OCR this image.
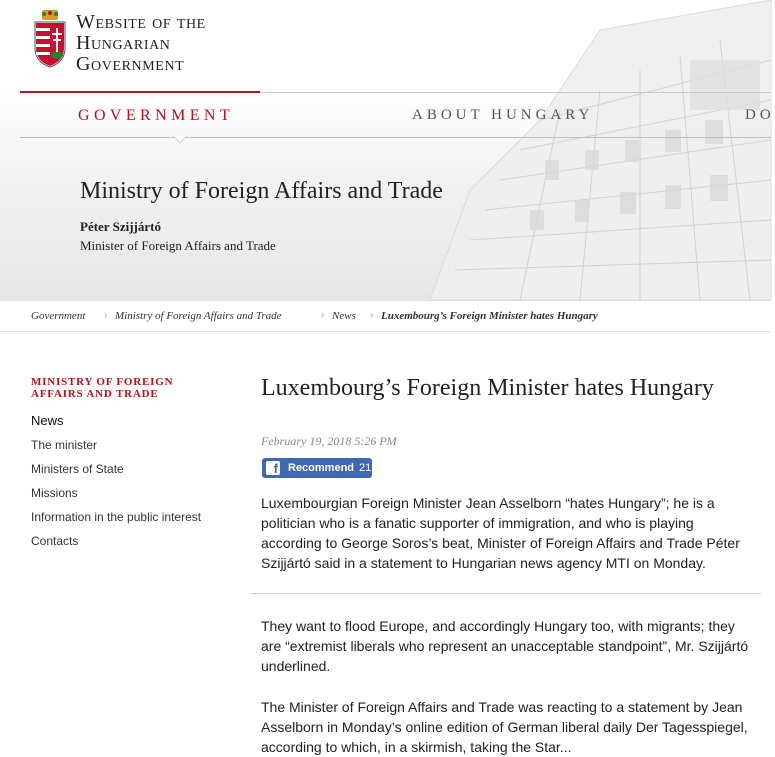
Website of the
Hungarian
Government
GOVERNMENT	ABOUT HUNGARY	DO
Ministry of Foreign Affairs and Trade
Péter Szijjártó
Minister of Foreign Affairs and Trade
Government › Ministry of Foreign Affairs and Trade	› News › Luxembourg’s Foreign Minister hates Hungary
MINISTRY OF FOREIGN AFFAIRS AND TRADE
News
The minister
Ministers of State
Missions
Information in the public interest
Contacts
Luxembourg’s Foreign Minister hates Hungary
February 19, 2018 5:26 PM
f Recommend 21
Luxembourgian Foreign Minister Jean Asselborn “hates Hungary”; he is a politician who is a fanatic supporter of immigration, and who is playing according to George Soros’s beat, Minister of Foreign Affairs and Trade Péter Szijjártó said in a statement to Hungarian news agency MTI on Monday.
They want to flood Europe, and accordingly Hungary too, with migrants; they are “extremist liberals who represent an unacceptable standpoint”, Mr. Szijjártó underlined.
The Minister of Foreign Affairs and Trade was reacting to a statement by Jean Asselborn in Monday’s online edition of German liberal daily Der Tagesspiegel, according to which, in a skirmish, taking the Star...
